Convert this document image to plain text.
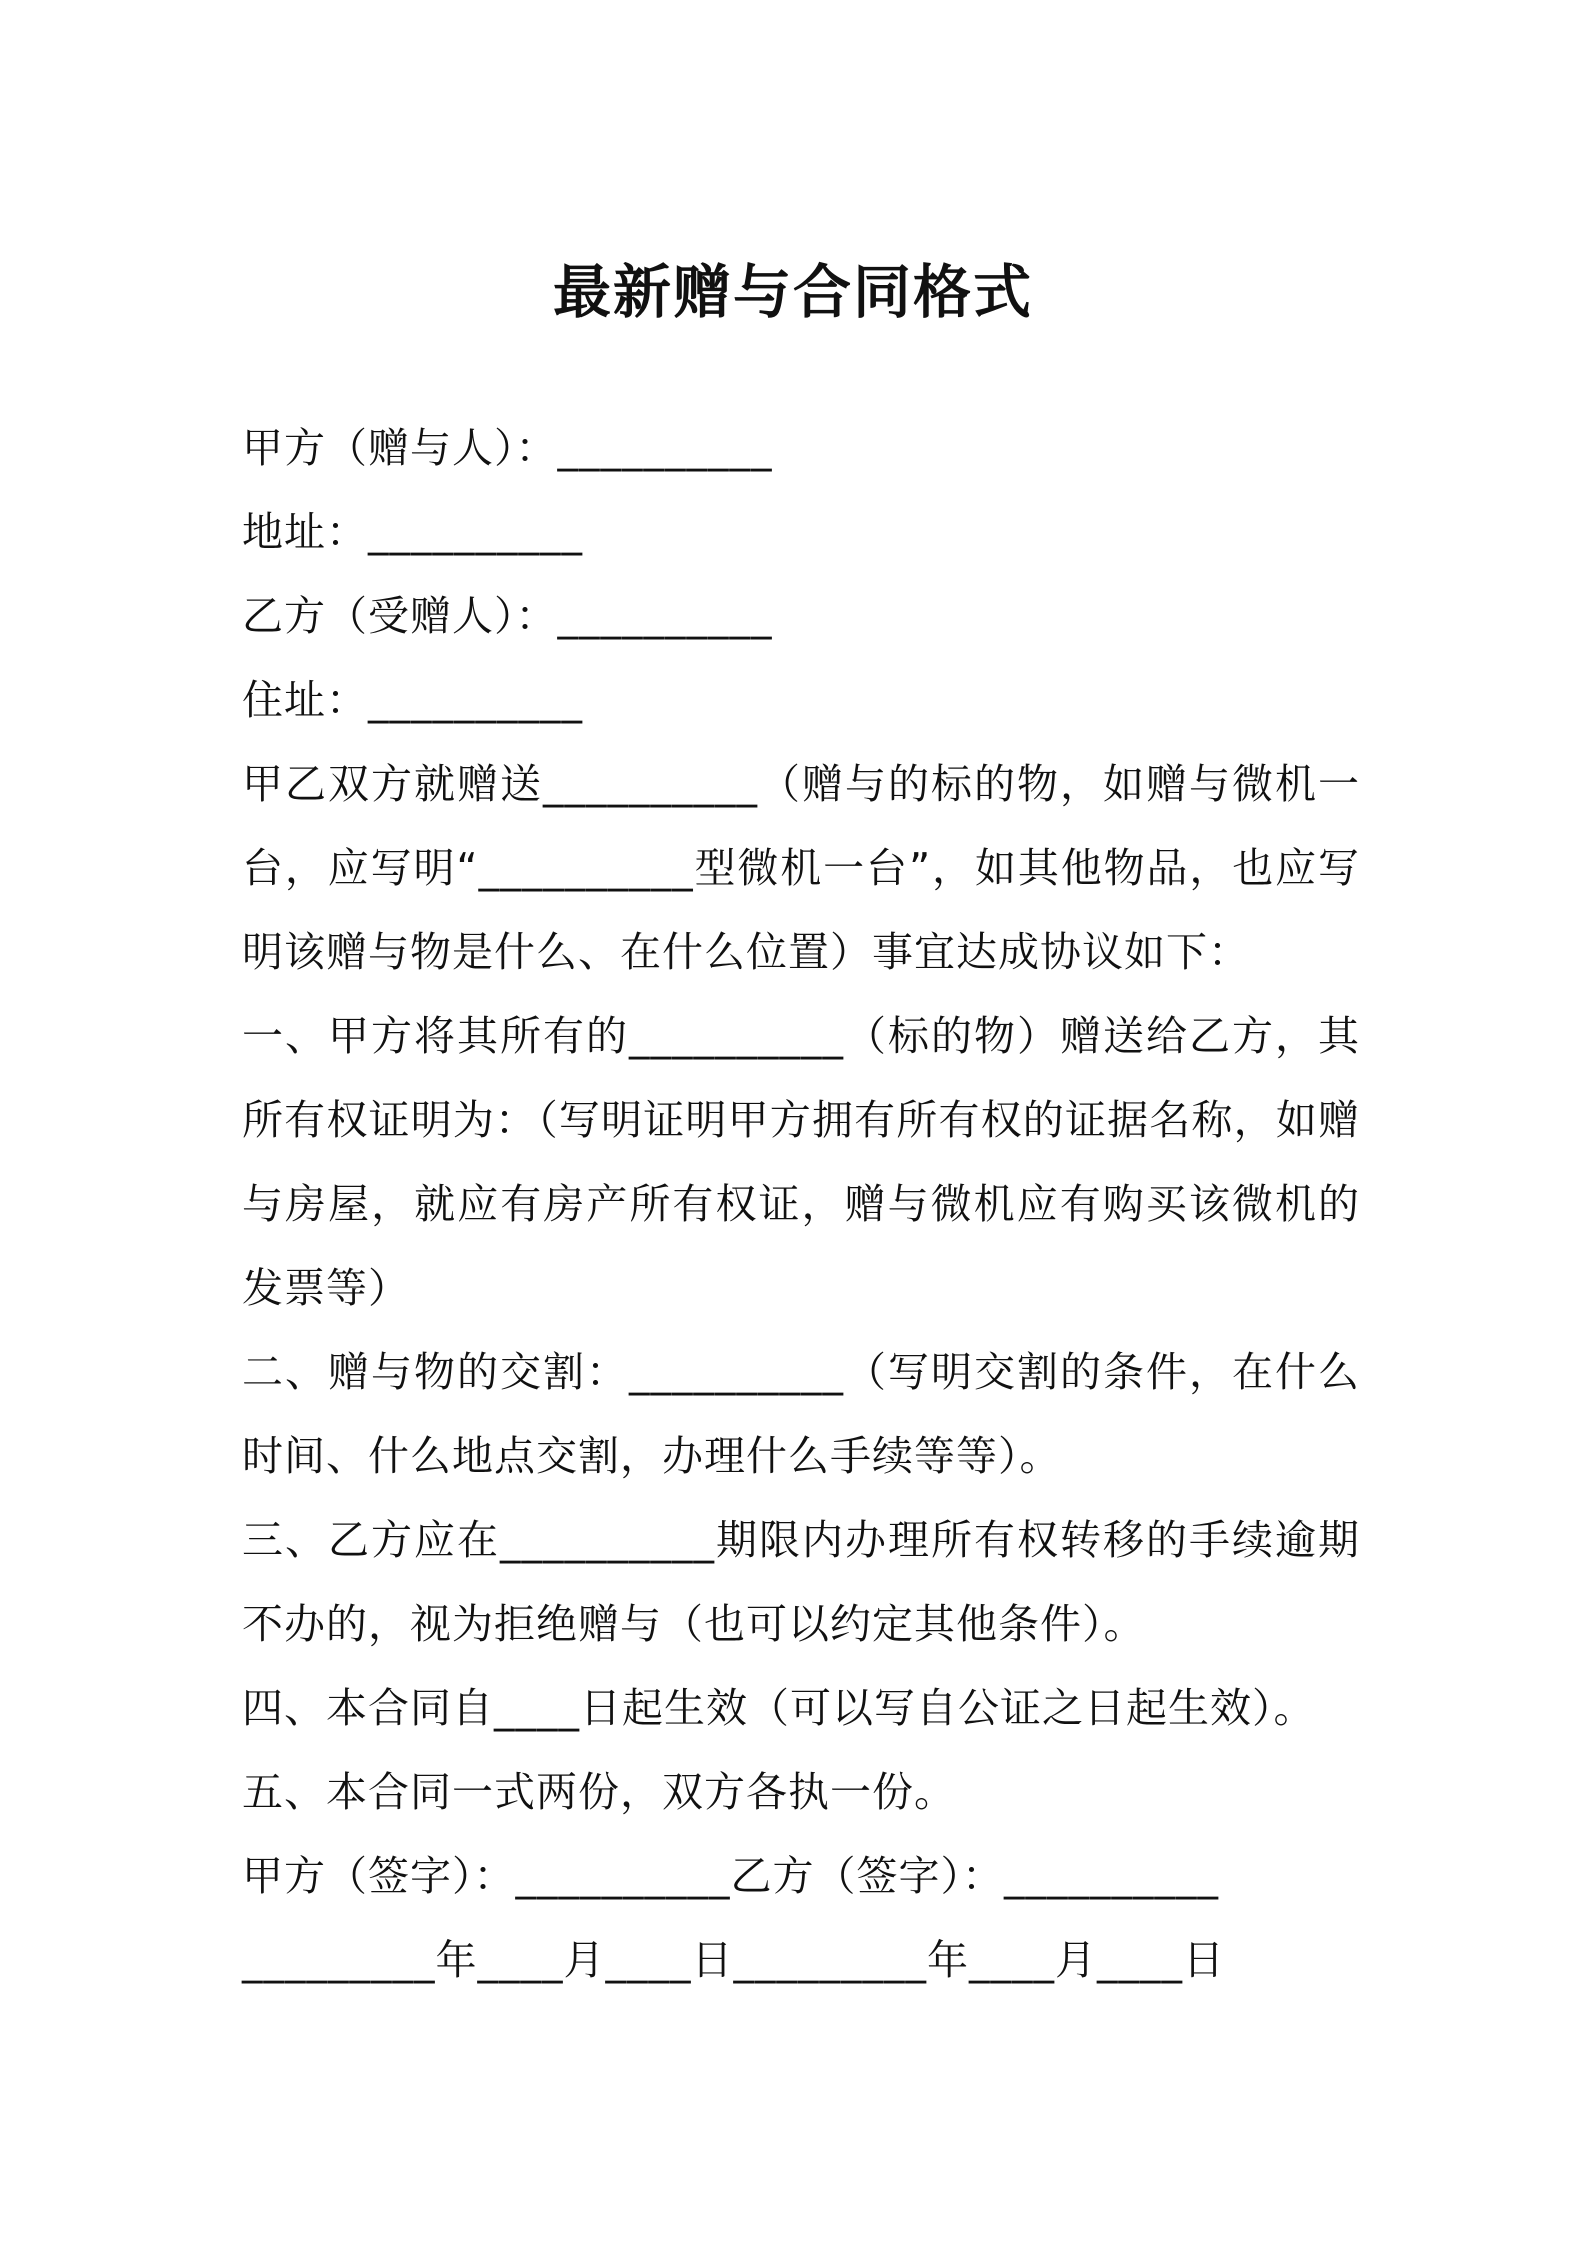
最新赠与合同格式

甲方（赠与人）：__________

地址：__________

乙方（受赠人）：__________

住址：__________

甲乙双方就赠送__________（赠与的标的物，如赠与微机一台，应写明“__________型微机一台”，如其他物品，也应写明该赠与物是什么、在什么位置）事宜达成协议如下：

一、甲方将其所有的__________（标的物）赠送给乙方，其所有权证明为：（写明证明甲方拥有所有权的证据名称，如赠与房屋，就应有房产所有权证，赠与微机应有购买该微机的发票等）

二、赠与物的交割：__________（写明交割的条件，在什么时间、什么地点交割，办理什么手续等等）。

三、乙方应在__________期限内办理所有权转移的手续逾期不办的，视为拒绝赠与（也可以约定其他条件）。

四、本合同自____日起生效（可以写自公证之日起生效）。

五、本合同一式两份，双方各执一份。

甲方（签字）：__________乙方（签字）：__________

_________年____月____日_________年____月____日
